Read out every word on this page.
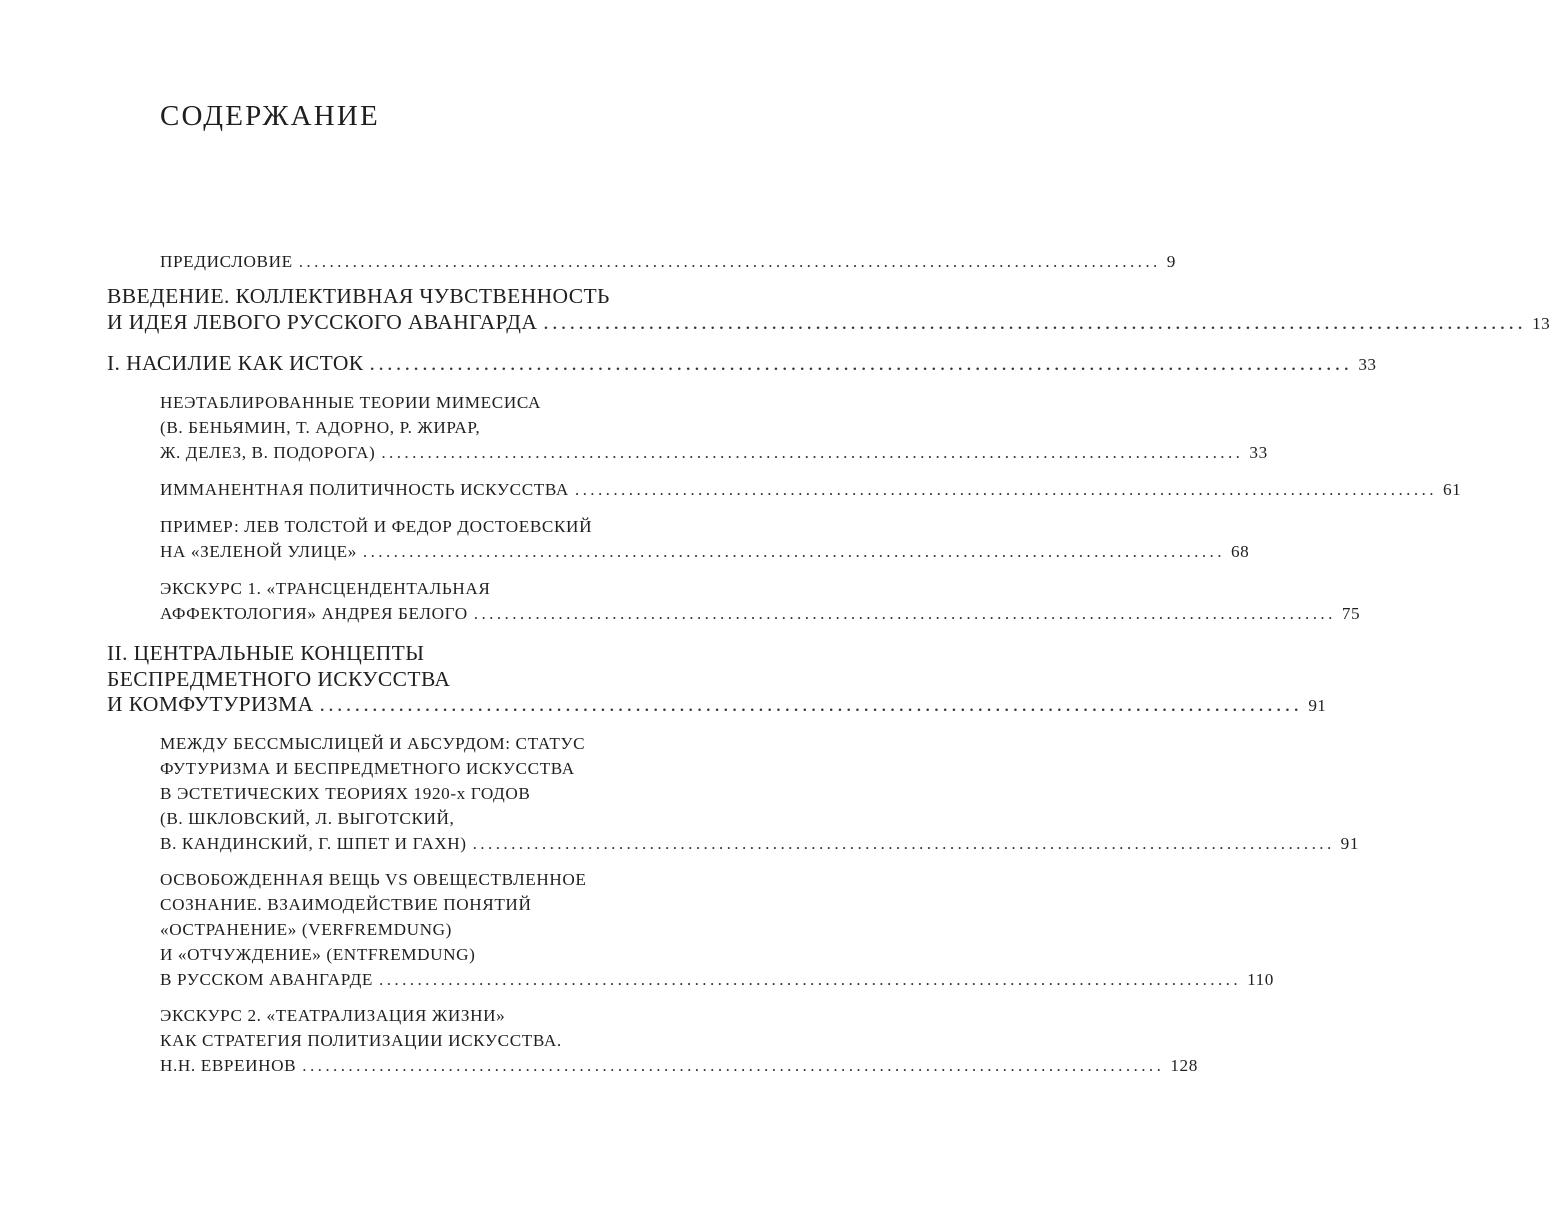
СОДЕРЖАНИЕ
ПРЕДИСЛОВИЕ ................................................................................................................ 9
ВВЕДЕНИЕ. КОЛЛЕКТИВНАЯ ЧУВСТВЕННОСТЬ
И ИДЕЯ ЛЕВОГО РУССКОГО АВАНГАРДА ................................................................................................................ 13
I. НАСИЛИЕ КАК ИСТОК ................................................................................................................ 33
НЕЭТАБЛИРОВАННЫЕ ТЕОРИИ МИМЕСИСА
(В. БЕНЬЯМИН, Т. АДОРНО, Р. ЖИРАР,
Ж. ДЕЛЕЗ, В. ПОДОРОГА) ................................................................................................................ 33
ИММАНЕНТНАЯ ПОЛИТИЧНОСТЬ ИСКУССТВА ................................................................................................................ 61
ПРИМЕР: ЛЕВ ТОЛСТОЙ И ФЕДОР ДОСТОЕВСКИЙ
НА «ЗЕЛЕНОЙ УЛИЦЕ» ................................................................................................................ 68
ЭКСКУРС 1. «ТРАНСЦЕНДЕНТАЛЬНАЯ
АФФЕКТОЛОГИЯ» АНДРЕЯ БЕЛОГО ................................................................................................................ 75
II. ЦЕНТРАЛЬНЫЕ КОНЦЕПТЫ
БЕСПРЕДМЕТНОГО ИСКУССТВА
И КОМФУТУРИЗМА ................................................................................................................ 91
МЕЖДУ БЕССМЫСЛИЦЕЙ И АБСУРДОМ: СТАТУС
ФУТУРИЗМА И БЕСПРЕДМЕТНОГО ИСКУССТВА
В ЭСТЕТИЧЕСКИХ ТЕОРИЯХ 1920-х ГОДОВ
(В. ШКЛОВСКИЙ, Л. ВЫГОТСКИЙ,
В. КАНДИНСКИЙ, Г. ШПЕТ И ГАХН) ................................................................................................................ 91
ОСВОБОЖДЕННАЯ ВЕЩЬ VS ОВЕЩЕСТВЛЕННОЕ
СОЗНАНИЕ. ВЗАИМОДЕЙСТВИЕ ПОНЯТИЙ
«ОСТРАНЕНИЕ» (VERFREMDUNG)
И «ОТЧУЖДЕНИЕ» (ENTFREMDUNG)
В РУССКОМ АВАНГАРДЕ ................................................................................................................ 110
ЭКСКУРС 2. «ТЕАТРАЛИЗАЦИЯ ЖИЗНИ»
КАК СТРАТЕГИЯ ПОЛИТИЗАЦИИ ИСКУССТВА.
Н.Н. ЕВРЕИНОВ ................................................................................................................ 128
